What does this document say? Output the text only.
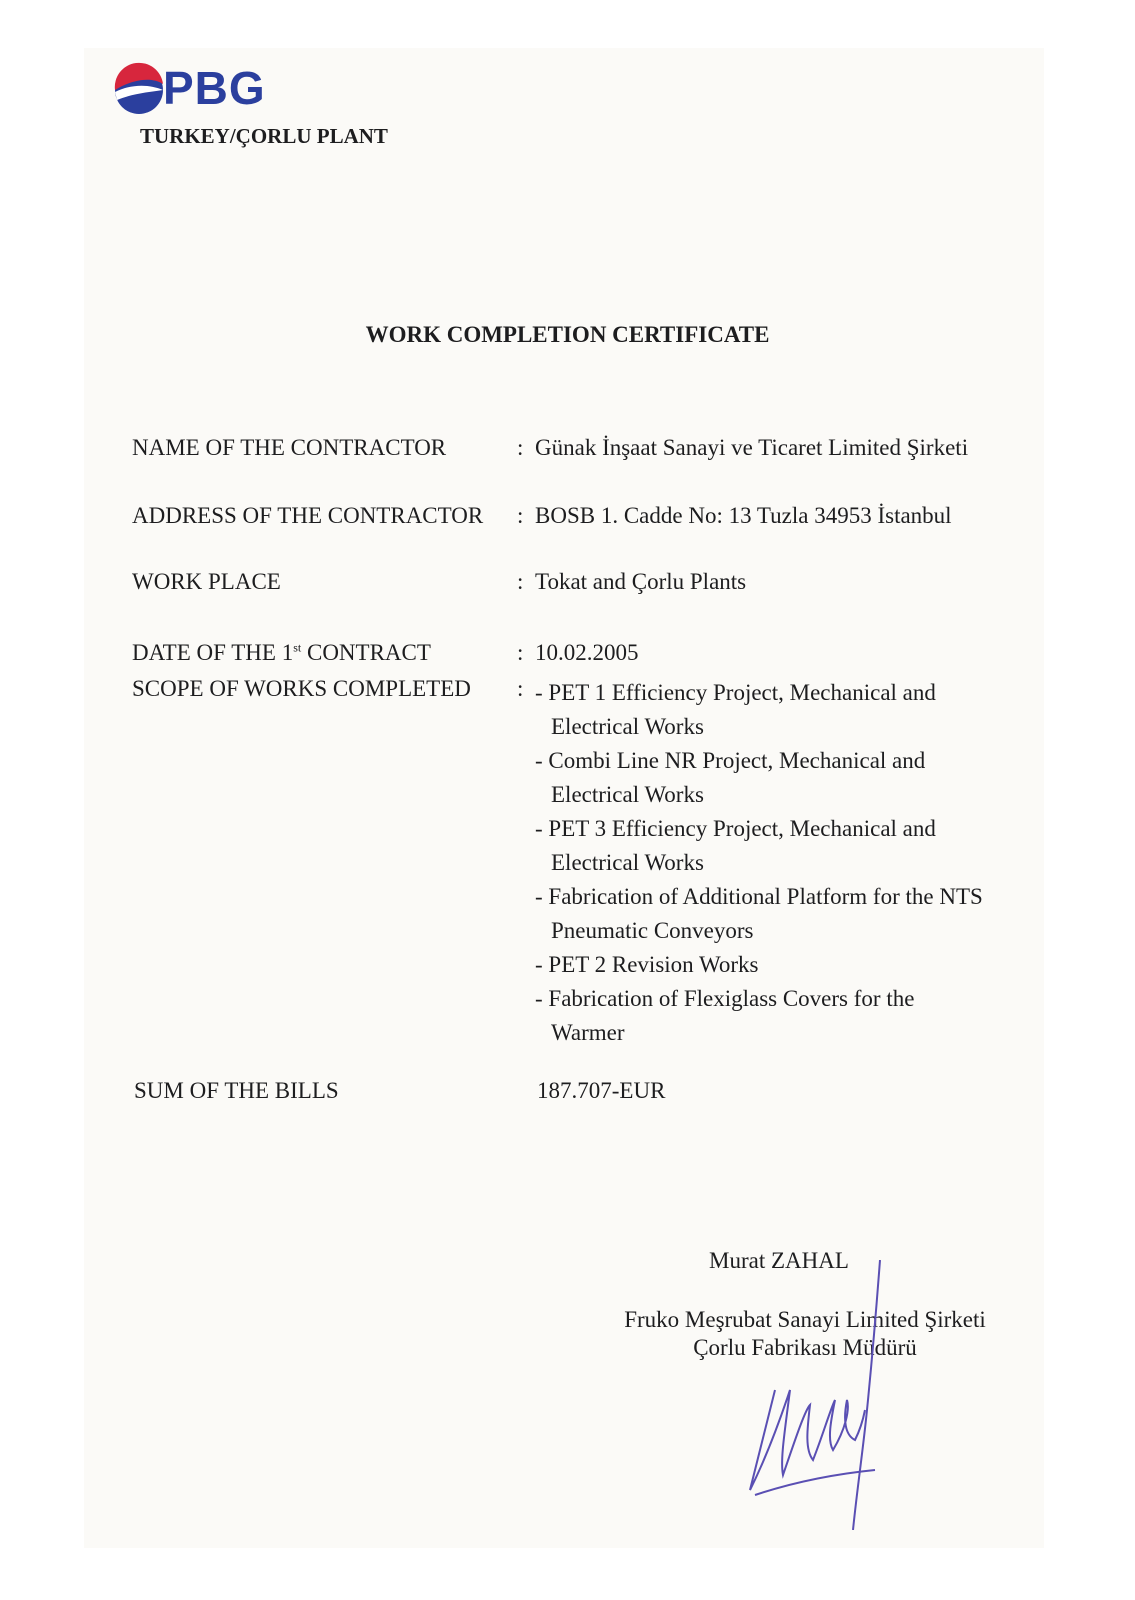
PBG
TURKEY/ÇORLU PLANT
WORK COMPLETION CERTIFICATE
NAME OF THE CONTRACTOR	: Günak İnşaat Sanayi ve Ticaret Limited Şirketi
ADDRESS OF THE CONTRACTOR : BOSB 1. Cadde No: 13 Tuzla 34953 İstanbul
WORK PLACE	: Tokat and Çorlu Plants
DATE OF THE 1st CONTRACT	: 10.02.2005
SCOPE OF WORKS COMPLETED : - PET 1 Efficiency Project, Mechanical and Electrical Works
- Combi Line NR Project, Mechanical and Electrical Works
- PET 3 Efficiency Project, Mechanical and Electrical Works
- Fabrication of Additional Platform for the NTS Pneumatic Conveyors
- PET 2 Revision Works
- Fabrication of Flexiglass Covers for the Warmer
SUM OF THE BILLS	187.707-EUR
Murat ZAHAL
Fruko Meşrubat Sanayi Limited Şirketi
Çorlu Fabrikası Müdürü
